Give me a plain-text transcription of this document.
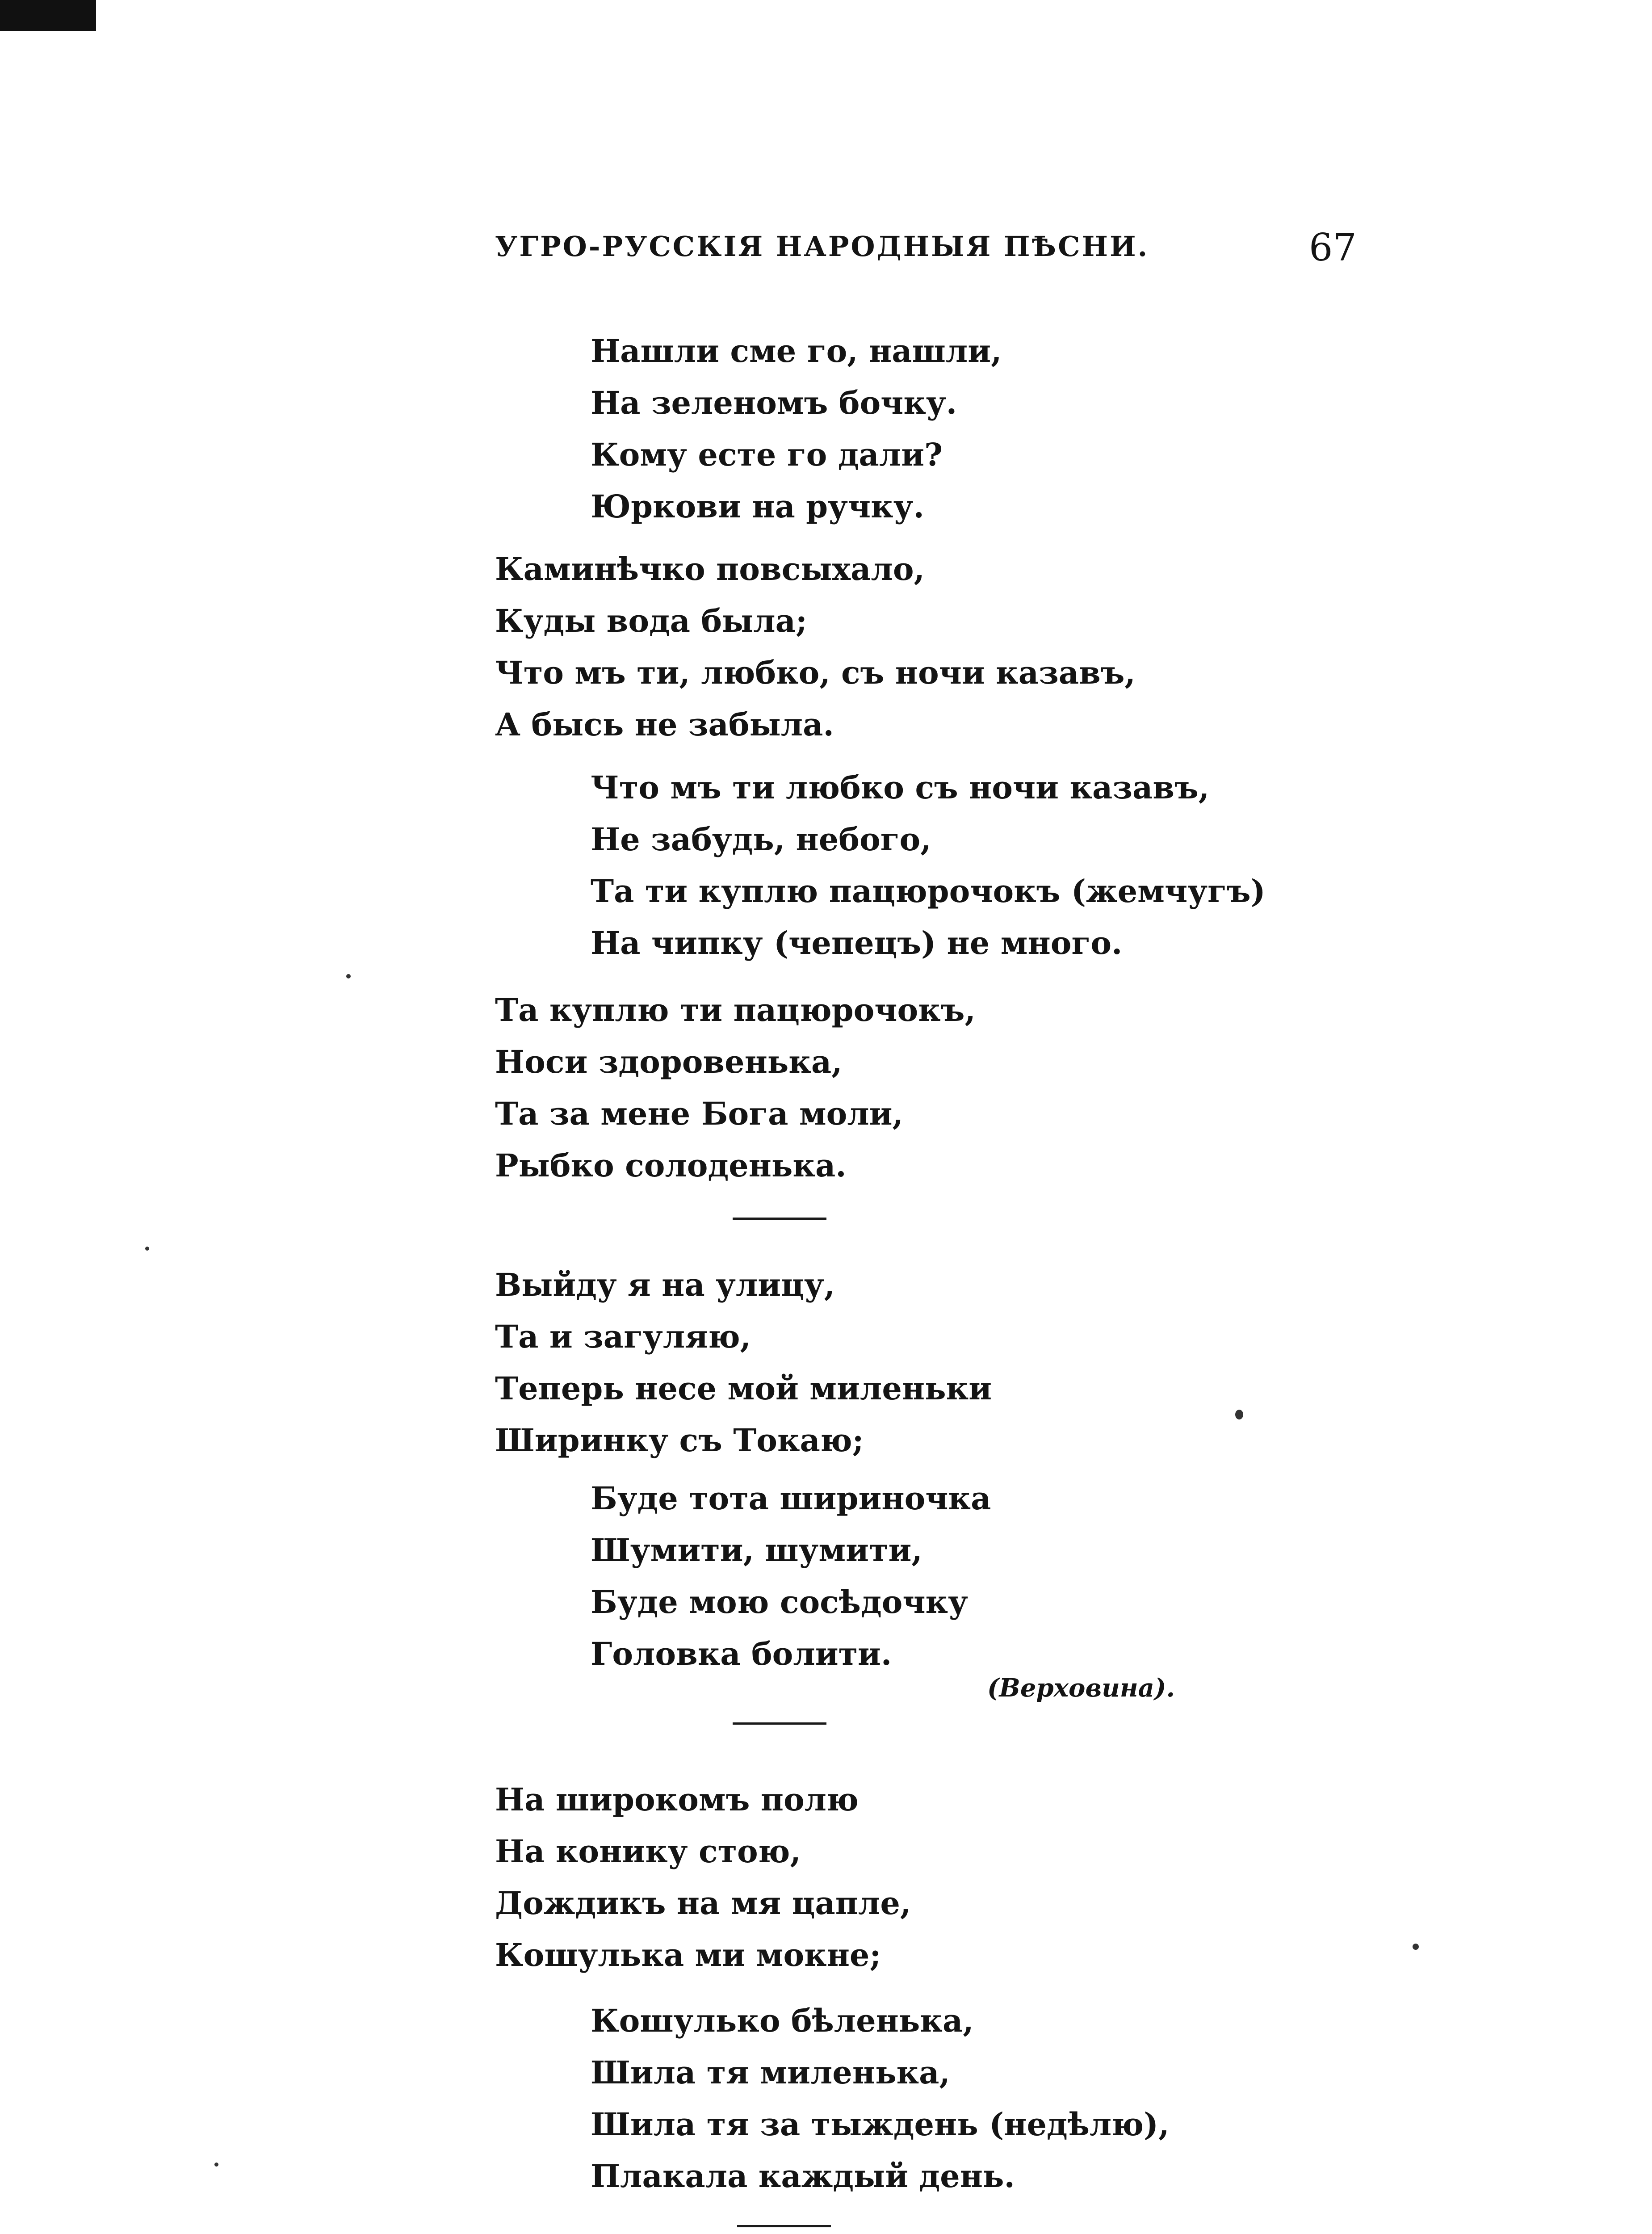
УГРО-РУССКІЯ НАРОДНЫЯ ПѢСНИ.	67
Нашли сме го, нашли,
На зеленомъ бочку.
Кому есте го дали?
Юркови на ручку.
Каминѣчко повсыхало,
Куды вода была;
Что мъ ти, любко, съ ночи казавъ,
А бысь не забыла.
Что мъ ти любко съ ночи казавъ,
Не забудь, небого,
Та ти куплю пацюрочокъ (жемчугъ)
На чипку (чепецъ) не много.
Та куплю ти пацюрочокъ,
Носи здоровенька,
Та за мене Бога моли,
Рыбко солоденька.
Выйду я на улицу,
Та и загуляю,
Теперь несе мой миленьки
Ширинку съ Токаю;
Буде тота шириночка
Шумити, шумити,
Буде мою сосѣдочку
Головка болити.
(Верховина).
На широкомъ полю
На конику стою,
Дождикъ на мя цапле,
Кошулька ми мокне;
Кошулько бѣленька,
Шила тя миленька,
Шила тя за тыждень (недѣлю),
Плакала каждый день.
